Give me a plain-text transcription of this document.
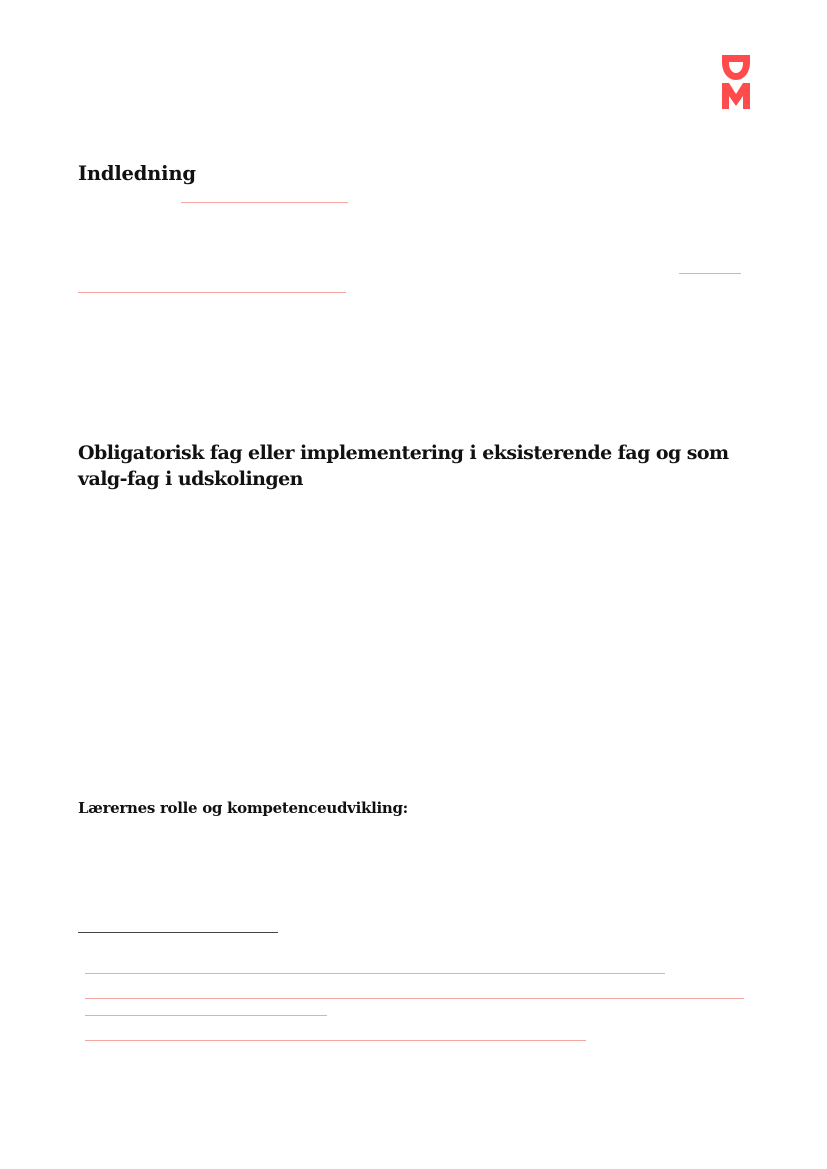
Indledning
Obligatorisk fag eller implementering i eksisterende fag og som valg-fag i udskolingen
Lærernes rolle og kompetenceudvikling:
